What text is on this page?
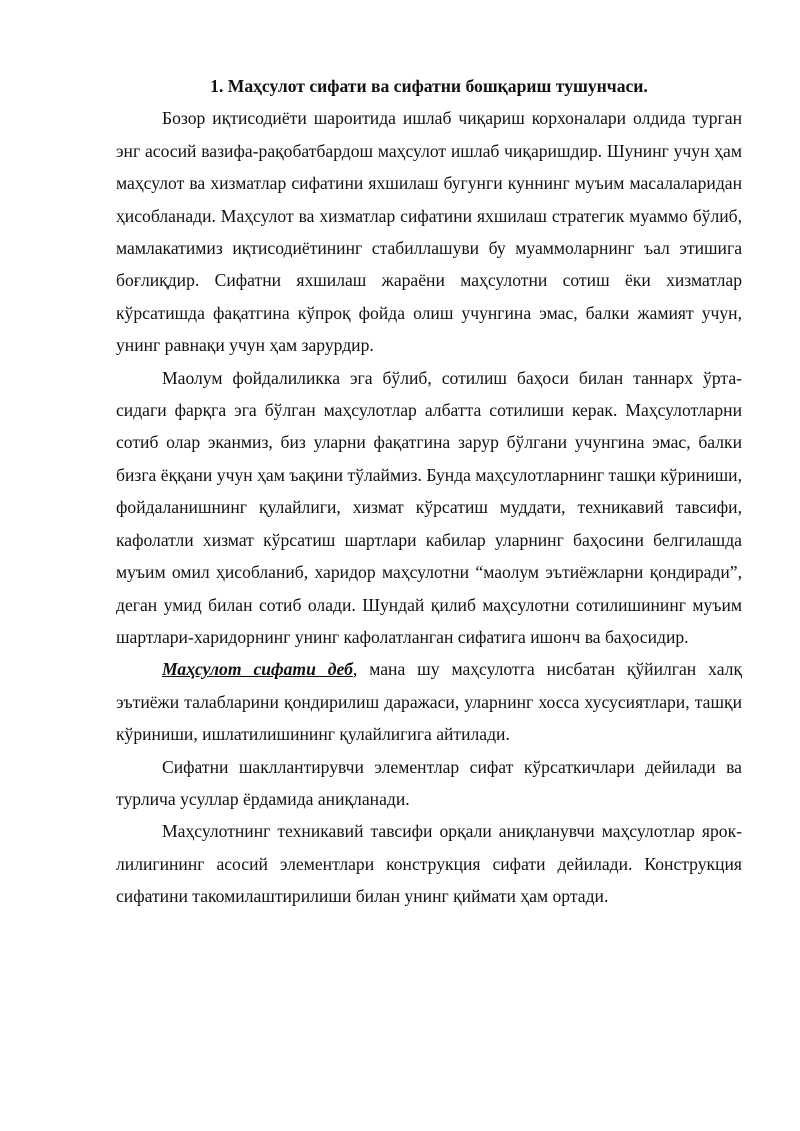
1. Маҳсулот сифати ва сифатни бошқариш тушунчаси.

Бозор иқтисодиёти шароитида ишлаб чиқариш корхоналари олдида турган энг асосий вазифа-рақобатбардош маҳсулот ишлаб чиқаришдир. Шунинг учун ҳам маҳсулот ва хизматлар сифатини яхшилаш бугунги куннинг муъим масалаларидан ҳисобланади. Маҳсулот ва хизматлар сифатини яхшилаш стратегик муаммо бўлиб, мамлакатимиз иқтисодиётининг стабиллашуви бу муаммоларнинг ъал этишига боғлиқдир. Сифатни яхшилаш жараёни маҳсулотни сотиш ёки хизматлар кўрсатишда фақатгина кўпроқ фойда олиш учунгина эмас, балки жамият учун, унинг равнақи учун ҳам зарурдир.

Маолум фойдалиликка эга бўлиб, сотилиш баҳоси билан таннарх ўрта-сидаги фарқга эга бўлган маҳсулотлар албатта сотилиши керак. Маҳсулотларни сотиб олар эканмиз, биз уларни фақатгина зарур бўлгани учунгина эмас, балки бизга ёққани учун ҳам ъақини тўлаймиз. Бунда маҳсулотларнинг ташқи кўриниши, фойдаланишнинг қулайлиги, хизмат кўрсатиш муддати, техникавий тавсифи, кафолатли хизмат кўрсатиш шартлари кабилар уларнинг баҳосини белгилашда муъим омил ҳисобланиб, харидор маҳсулотни “маолум эътиёжларни қондиради”, деган умид билан сотиб олади. Шундай қилиб маҳсулотни сотилишининг муъим шартлари-харидорнинг унинг кафолатланган сифатига ишонч ва баҳосидир.

Маҳсулот сифати деб, мана шу маҳсулотга нисбатан қўйилган халқ эътиёжи талабларини қондирилиш даражаси, уларнинг хосса хусусиятлари, ташқи кўриниши, ишлатилишининг қулайлигига айтилади.

Сифатни шакллантирувчи элементлар сифат кўрсаткичлари дейилади ва турлича усуллар ёрдамида аниқланади.

Маҳсулотнинг техникавий тавсифи орқали аниқланувчи маҳсулотлар ярок-лилигининг асосий элементлари конструкция сифати дейилади. Конструкция сифатини такомилаштирилиши билан унинг қиймати ҳам ортади.
